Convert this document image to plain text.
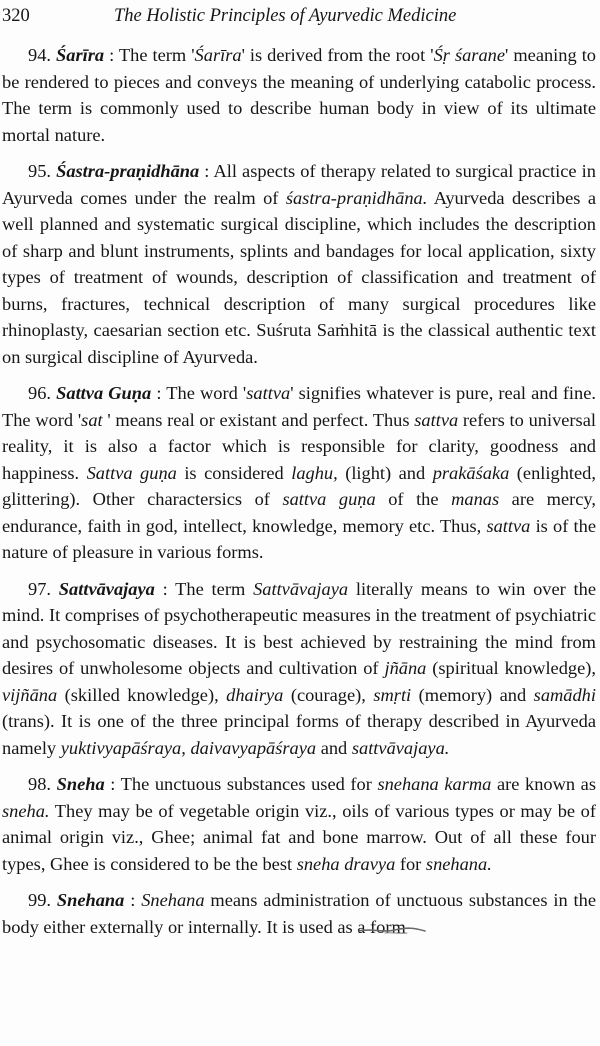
320	The Holistic Principles of Ayurvedic Medicine

94. Śarīra : The term 'Śarīra' is derived from the root 'Śṛ śarane' meaning to be rendered to pieces and conveys the meaning of underlying catabolic process. The term is commonly used to describe human body in view of its ultimate mortal nature.

95. Śastra-praṇidhāna : All aspects of therapy related to surgical practice in Ayurveda comes under the realm of śastra-praṇidhāna. Ayurveda describes a well planned and systematic surgical discipline, which includes the description of sharp and blunt instruments, splints and bandages for local application, sixty types of treatment of wounds, description of classification and treatment of burns, fractures, technical description of many surgical procedures like rhinoplasty, caesarian section etc. Suśruta Saṁhitā is the classical authentic text on surgical discipline of Ayurveda.

96. Sattva Guṇa : The word 'sattva' signifies whatever is pure, real and fine. The word 'sat ' means real or existant and perfect. Thus sattva refers to universal reality, it is also a factor which is responsible for clarity, goodness and happiness. Sattva guṇa is considered laghu, (light) and prakāśaka (enlighted, glittering). Other charactersics of sattva guṇa of the manas are mercy, endurance, faith in god, intellect, knowledge, memory etc. Thus, sattva is of the nature of pleasure in various forms.

97. Sattvāvajaya : The term Sattvāvajaya literally means to win over the mind. It comprises of psychotherapeutic measures in the treatment of psychiatric and psychosomatic diseases. It is best achieved by restraining the mind from desires of unwholesome objects and cultivation of jñāna (spiritual knowledge), vijñāna (skilled knowledge), dhairya (courage), smṛti (memory) and samādhi (trans). It is one of the three principal forms of therapy described in Ayurveda namely yuktivyapāśraya, daivavyapāśraya and sattvāvajaya.

98. Sneha : The unctuous substances used for snehana karma are known as sneha. They may be of vegetable origin viz., oils of various types or may be of animal origin viz., Ghee; animal fat and bone marrow. Out of all these four types, Ghee is considered to be the best sneha dravya for snehana.

99. Snehana : Snehana means administration of unctuous substances in the body either externally or internally. It is used as a form
